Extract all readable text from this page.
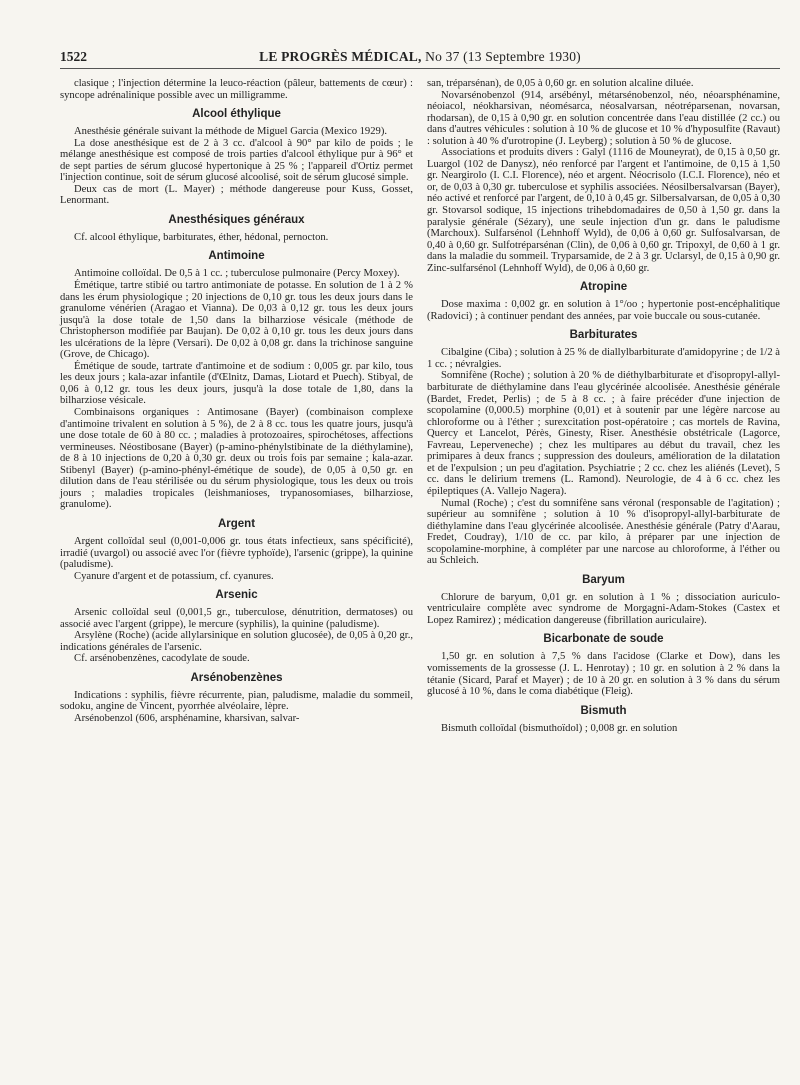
1522	LE PROGRÈS MÉDICAL, No 37 (13 Septembre 1930)

clasique ; l'injection détermine la leuco-réaction (pâleur, battements de cœur) : syncope adrénalinique possible avec un milligramme.

Alcool éthylique

Anesthésie générale suivant la méthode de Miguel Garcia (Mexico 1929).

La dose anesthésique est de 2 à 3 cc. d'alcool à 90° par kilo de poids ; le mélange anesthésique est composé de trois parties d'alcool éthylique pur à 96° et de sept parties de sérum glucosé hypertonique à 25 % ; l'appareil d'Ortiz permet l'injection continue, soit de sérum glucosé alcoolisé, soit de sérum glucosé simple.

Deux cas de mort (L. Mayer) ; méthode dangereuse pour Kuss, Gosset, Lenormant.

Anesthésiques généraux

Cf. alcool éthylique, barbiturates, éther, hédonal, pernocton.

Antimoine

Antimoine colloïdal. De 0,5 à 1 cc. ; tuberculose pulmonaire (Percy Moxey).

Émétique, tartre stibié ou tartro antimoniate de potasse. En solution de 1 à 2 % dans les érum physiologique ; 20 injections de 0,10 gr. tous les deux jours dans le granulome vénérien (Aragao et Vianna). De 0,03 à 0,12 gr. tous les deux jours jusqu'à la dose totale de 1,50 dans la bilharziose vésicale (méthode de Christopherson modifiée par Baujan). De 0,02 à 0,10 gr. tous les deux jours dans les ulcérations de la lèpre (Versari). De 0,02 à 0,08 gr. dans la trichinose sanguine (Grove, de Chicago).

Émétique de soude, tartrate d'antimoine et de sodium : 0,005 gr. par kilo, tous les deux jours ; kala-azar infantile (d'Œlnitz, Damas, Liotard et Puech). Stibyal, de 0,06 à 0,12 gr. tous les deux jours, jusqu'à la dose totale de 1,80, dans la bilharziose vésicale.

Combinaisons organiques : Antimosane (Bayer) (combinaison complexe d'antimoine trivalent en solution à 5 %), de 2 à 8 cc. tous les quatre jours, jusqu'à une dose totale de 60 à 80 cc. ; maladies à protozoaires, spirochétoses, affections vermineuses. Néostibosane (Bayer) (p-amino-phénylstibinate de la diéthylamine), de 8 à 10 injections de 0,20 à 0,30 gr. deux ou trois fois par semaine ; kala-azar. Stibenyl (Bayer) (p-amino-phényl-émétique de soude), de 0,05 à 0,50 gr. en dilution dans de l'eau stérilisée ou du sérum physiologique, tous les deux ou trois jours ; maladies tropicales (leishmanioses, trypanosomiases, bilharziose, granulome).

Argent

Argent colloïdal seul (0,001-0,006 gr. tous états infectieux, sans spécificité), irradié (uvargol) ou associé avec l'or (fièvre typhoïde), l'arsenic (grippe), la quinine (paludisme).

Cyanure d'argent et de potassium, cf. cyanures.

Arsenic

Arsenic colloïdal seul (0,001,5 gr., tuberculose, dénutrition, dermatoses) ou associé avec l'argent (grippe), le mercure (syphilis), la quinine (paludisme).

Arsylène (Roche) (acide allylarsinique en solution glucosée), de 0,05 à 0,20 gr., indications générales de l'arsenic.

Cf. arsénobenzènes, cacodylate de soude.

Arsénobenzènes

Indications : syphilis, fièvre récurrente, pian, paludisme, maladie du sommeil, sodoku, angine de Vincent, pyorrhée alvéolaire, lèpre.

Arsénobenzol (606, arsphénamine, kharsivan, salvar-

san, tréparsénan), de 0,05 à 0,60 gr. en solution alcaline diluée.

Novarsénobenzol (914, arsébényl, métarsénobenzol, néo, néoarsphénamine, néoiacol, néokharsivan, néomésarca, néosalvarsan, néotréparsenan, novarsan, rhodarsan), de 0,15 à 0,90 gr. en solution concentrée dans l'eau distillée (2 cc.) ou dans d'autres véhicules : solution à 10 % de glucose et 10 % d'hyposulfite (Ravaut) : solution à 40 % d'urotropine (J. Leyberg) ; solution à 50 % de glucose.

Associations et produits divers : Galyl (1116 de Mouneyrat), de 0,15 à 0,50 gr. Luargol (102 de Danysz), néo renforcé par l'argent et l'antimoine, de 0,15 à 1,50 gr. Neargirolo (I. C.I. Florence), néo et argent. Néocrisolo (I.C.I. Florence), néo et or, de 0,03 à 0,30 gr. tuberculose et syphilis associées. Néosilbersalvarsan (Bayer), néo activé et renforcé par l'argent, de 0,10 à 0,45 gr. Silbersalvarsan, de 0,05 à 0,30 gr. Stovarsol sodique, 15 injections trihebdomadaires de 0,50 à 1,50 gr. dans la paralysie générale (Sézary), une seule injection d'un gr. dans le paludisme (Marchoux). Sulfarsénol (Lehnhoff Wyld), de 0,06 à 0,60 gr. Sulfosalvarsan, de 0,40 à 0,60 gr. Sulfotréparsénan (Clin), de 0,06 à 0,60 gr. Tripoxyl, de 0,60 à 1 gr. dans la maladie du sommeil. Tryparsamide, de 2 à 3 gr. Uclarsyl, de 0,15 à 0,90 gr. Zinc-sulfarsénol (Lehnhoff Wyld), de 0,06 à 0,60 gr.

Atropine

Dose maxima : 0,002 gr. en solution à 1°/oo ; hypertonie post-encéphalitique (Radovici) ; à continuer pendant des années, par voie buccale ou sous-cutanée.

Barbiturates

Cibalgine (Ciba) ; solution à 25 % de diallylbarbiturate d'amidopyrine ; de 1/2 à 1 cc. ; névralgies.

Somnifène (Roche) ; solution à 20 % de diéthylbarbiturate et d'isopropyl-allyl-barbiturate de diéthylamine dans l'eau glycérinée alcoolisée. Anesthésie générale (Bardet, Fredet, Perlis) ; de 5 à 8 cc. ; à faire précéder d'une injection de scopolamine (0,000.5) morphine (0,01) et à soutenir par une légère narcose au chloroforme ou à l'éther ; surexcitation post-opératoire ; cas mortels de Ravina, Quercy et Lancelot, Pérès, Ginesty, Riser. Anesthésie obstétricale (Lagorce, Favreau, Leperveneche) ; chez les multipares au début du travail, chez les primipares à deux francs ; suppression des douleurs, amélioration de la dilatation et de l'expulsion ; un peu d'agitation. Psychiatrie ; 2 cc. chez les aliénés (Levet), 5 cc. dans le delirium tremens (L. Ramond). Neurologie, de 4 à 6 cc. chez les épileptiques (A. Vallejo Nagera).

Numal (Roche) ; c'est du somnifène sans véronal (responsable de l'agitation) ; supérieur au somnifène ; solution à 10 % d'isopropyl-allyl-barbiturate de diéthylamine dans l'eau glycérinée alcoolisée. Anesthésie générale (Patry d'Aarau, Fredet, Coudray), 1/10 de cc. par kilo, à préparer par une injection de scopolamine-morphine, à compléter par une narcose au chloroforme, à l'éther ou au Schleich.

Baryum

Chlorure de baryum, 0,01 gr. en solution à 1 % ; dissociation auriculo-ventriculaire complète avec syndrome de Morgagni-Adam-Stokes (Castex et Lopez Ramirez) ; médication dangereuse (fibrillation auriculaire).

Bicarbonate de soude

1,50 gr. en solution à 7,5 % dans l'acidose (Clarke et Dow), dans les vomissements de la grossesse (J. L. Henrotay) ; 10 gr. en solution à 2 % dans la tétanie (Sicard, Paraf et Mayer) ; de 10 à 20 gr. en solution à 3 % dans du sérum glucosé à 10 %, dans le coma diabétique (Fleig).

Bismuth

Bismuth colloïdal (bismuthoïdol) ; 0,008 gr. en solution
